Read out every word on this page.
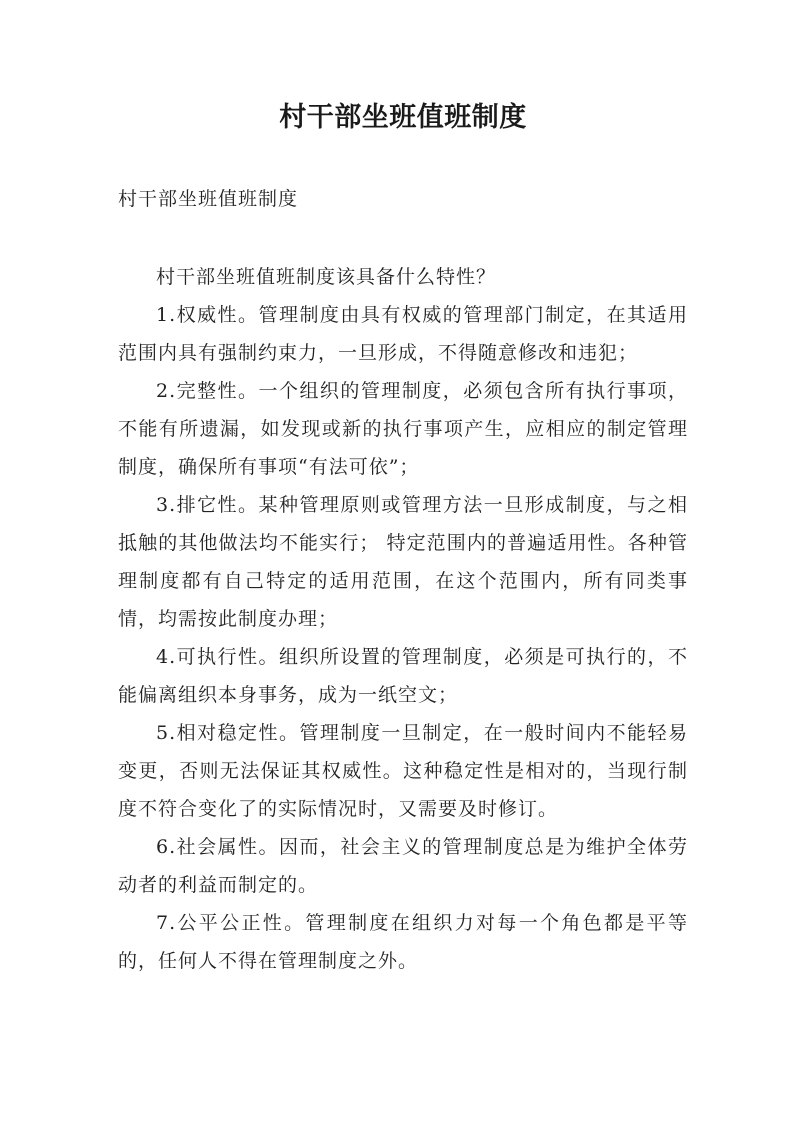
村干部坐班值班制度

村干部坐班值班制度

村干部坐班值班制度该具备什么特性？

1.权威性。管理制度由具有权威的管理部门制定，在其适用范围内具有强制约束力，一旦形成，不得随意修改和违犯；

2.完整性。一个组织的管理制度，必须包含所有执行事项，不能有所遗漏，如发现或新的执行事项产生，应相应的制定管理制度，确保所有事项“有法可依”；

3.排它性。某种管理原则或管理方法一旦形成制度，与之相抵触的其他做法均不能实行； 特定范围内的普遍适用性。各种管理制度都有自己特定的适用范围，在这个范围内，所有同类事情，均需按此制度办理；

4.可执行性。组织所设置的管理制度，必须是可执行的，不能偏离组织本身事务，成为一纸空文；

5.相对稳定性。管理制度一旦制定，在一般时间内不能轻易变更，否则无法保证其权威性。这种稳定性是相对的，当现行制度不符合变化了的实际情况时，又需要及时修订。

6.社会属性。因而，社会主义的管理制度总是为维护全体劳动者的利益而制定的。

7.公平公正性。管理制度在组织力对每一个角色都是平等的，任何人不得在管理制度之外。
